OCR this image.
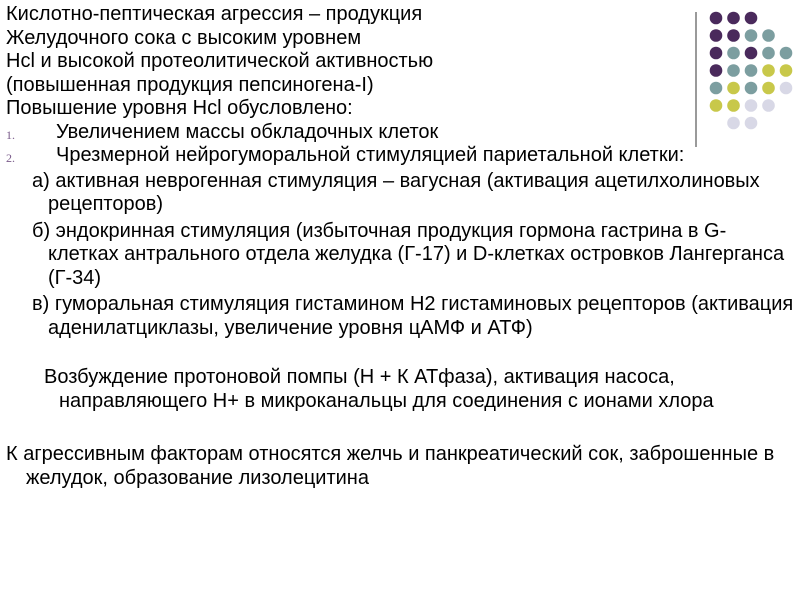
Кислотно-пептическая агрессия – продукция

Желудочного сока с высоким уровнем

Hcl и высокой протеолитической активностью

(повышенная продукция пепсиногена-I)

Повышение уровня Hcl обусловлено:

1. Увеличением массы обкладочных клеток
2. Чрезмерной нейрогуморальной стимуляцией париетальной клетки:

а) активная неврогенная стимуляция – вагусная (активация ацетилхолиновых рецепторов)

б) эндокринная стимуляция (избыточная продукция гормона гастрина в G-клетках антрального отдела желудка (Г-17) и D-клетках островков Лангерганса (Г-34)

в) гуморальная стимуляция гистамином Н2 гистаминовых рецепторов (активация аденилатциклазы, увеличение уровня цАМФ и АТФ)

Возбуждение протоновой помпы (Н + К АТфаза), активация насоса, направляющего Н+ в микроканальцы для соединения с ионами хлора

К агрессивным факторам относятся желчь и панкреатический сок, заброшенные в желудок, образование лизолецитина
